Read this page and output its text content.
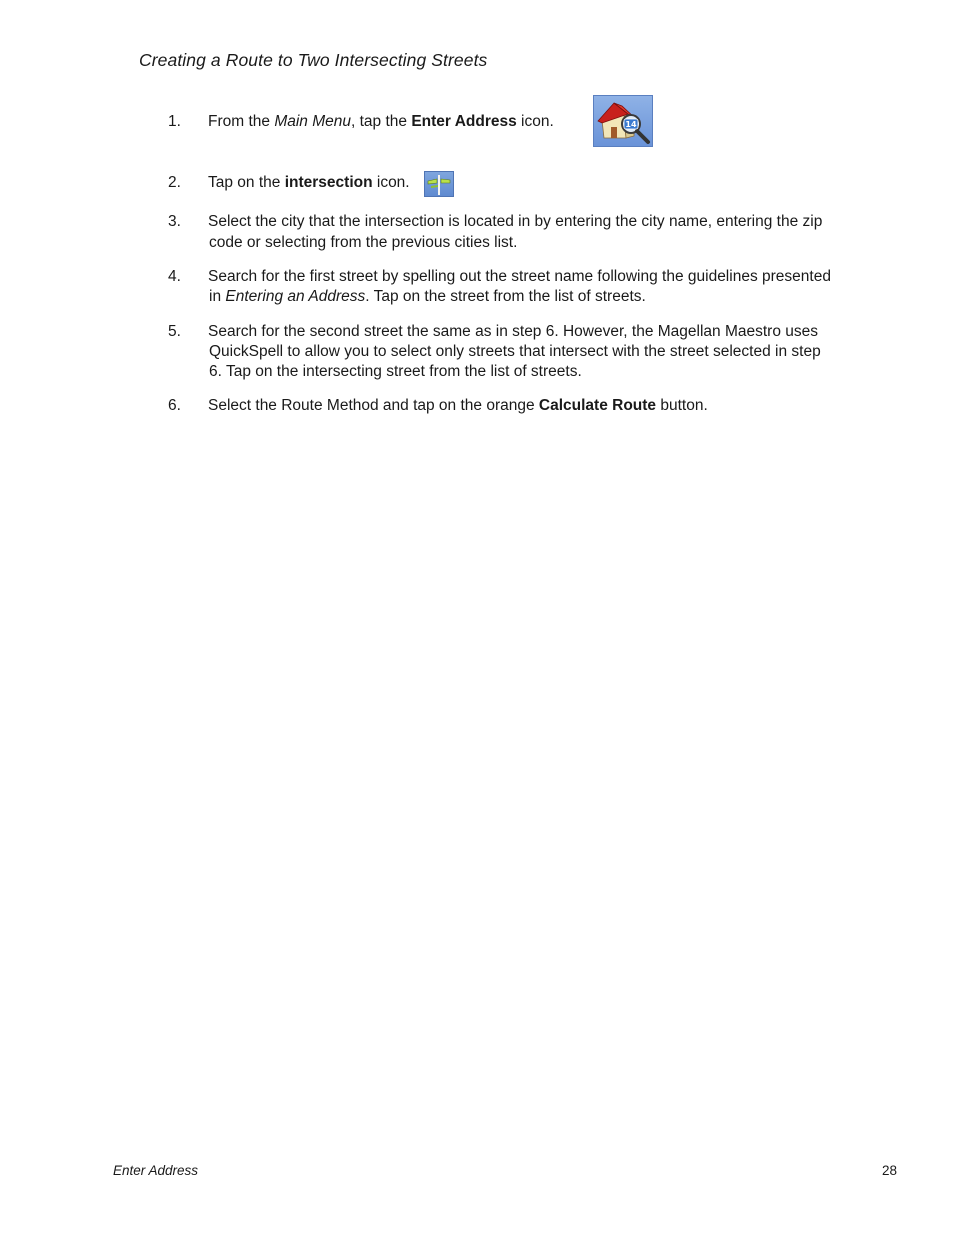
Creating a Route to Two Intersecting Streets
1.	From the Main Menu, tap the Enter Address icon.
2.	Tap on the intersection icon.
3.	Select the city that the intersection is located in by entering the city name, entering the zip
code or selecting from the previous cities list.
4.	Search for the first street by spelling out the street name following the guidelines presented
in Entering an Address. Tap on the street from the list of streets.
5.	Search for the second street the same as in step 6. However, the Magellan Maestro uses
QuickSpell to allow you to select only streets that intersect with the street selected in step
6. Tap on the intersecting street from the list of streets.
6.	Select the Route Method and tap on the orange Calculate Route button.
14
Enter Address	28
